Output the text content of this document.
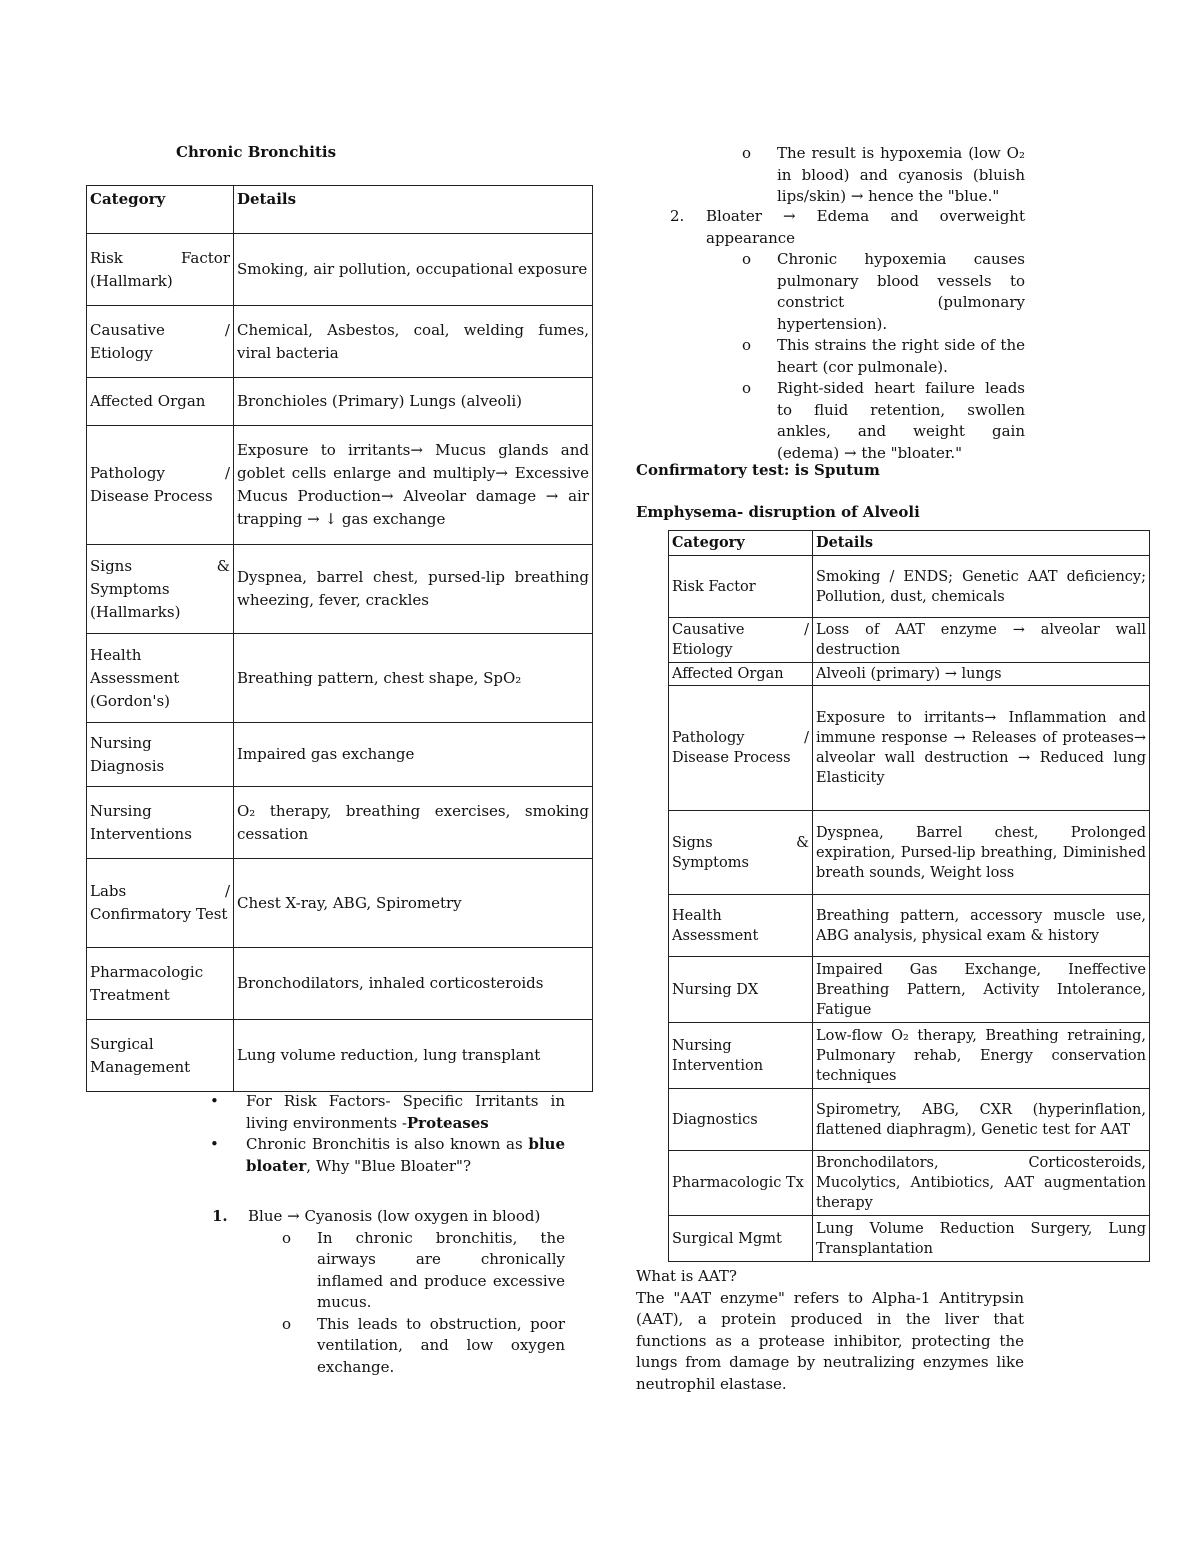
Chronic Bronchitis
Category	Details
Risk Factor (Hallmark)	Smoking, air pollution, occupational exposure
Causative / Etiology	Chemical, Asbestos, coal, welding fumes, viral bacteria
Affected Organ	Bronchioles (Primary) Lungs (alveoli)
Pathology / Disease Process	Exposure to irritants→ Mucus glands and goblet cells enlarge and multiply→ Excessive Mucus Production→ Alveolar damage → air trapping → ↓ gas exchange
Signs & Symptoms (Hallmarks)	Dyspnea, barrel chest, pursed-lip breathing wheezing, fever, crackles
Health Assessment (Gordon's)	Breathing pattern, chest shape, SpO₂
Nursing Diagnosis	Impaired gas exchange
Nursing Interventions	O₂ therapy, breathing exercises, smoking cessation
Labs / Confirmatory Test	Chest X-ray, ABG, Spirometry
Pharmacologic Treatment	Bronchodilators, inhaled corticosteroids
Surgical Management	Lung volume reduction, lung transplant
• For Risk Factors- Specific Irritants in living environments -Proteases
• Chronic Bronchitis is also known as blue bloater, Why "Blue Bloater"?
1. Blue → Cyanosis (low oxygen in blood)
o In chronic bronchitis, the airways are chronically inflamed and produce excessive mucus.
o This leads to obstruction, poor ventilation, and low oxygen exchange.
o The result is hypoxemia (low O₂ in blood) and cyanosis (bluish lips/skin) → hence the "blue."
2. Bloater → Edema and overweight appearance
o Chronic hypoxemia causes pulmonary blood vessels to constrict (pulmonary hypertension).
o This strains the right side of the heart (cor pulmonale).
o Right-sided heart failure leads to fluid retention, swollen ankles, and weight gain (edema) → the "bloater."
Confirmatory test: is Sputum
Emphysema- disruption of Alveoli
Category	Details
Risk Factor	Smoking / ENDS; Genetic AAT deficiency; Pollution, dust, chemicals
Causative / Etiology	Loss of AAT enzyme → alveolar wall destruction
Affected Organ	Alveoli (primary) → lungs
Pathology / Disease Process	Exposure to irritants→ Inflammation and immune response → Releases of proteases→ alveolar wall destruction → Reduced lung Elasticity
Signs & Symptoms	Dyspnea, Barrel chest, Prolonged expiration, Pursed-lip breathing, Diminished breath sounds, Weight loss
Health Assessment	Breathing pattern, accessory muscle use, ABG analysis, physical exam & history
Nursing DX	Impaired Gas Exchange, Ineffective Breathing Pattern, Activity Intolerance, Fatigue
Nursing Intervention	Low-flow O₂ therapy, Breathing retraining, Pulmonary rehab, Energy conservation techniques
Diagnostics	Spirometry, ABG, CXR (hyperinflation, flattened diaphragm), Genetic test for AAT
Pharmacologic Tx	Bronchodilators, Corticosteroids, Mucolytics, Antibiotics, AAT augmentation therapy
Surgical Mgmt	Lung Volume Reduction Surgery, Lung Transplantation
What is AAT?
The "AAT enzyme" refers to Alpha-1 Antitrypsin (AAT), a protein produced in the liver that functions as a protease inhibitor, protecting the lungs from damage by neutralizing enzymes like neutrophil elastase.
